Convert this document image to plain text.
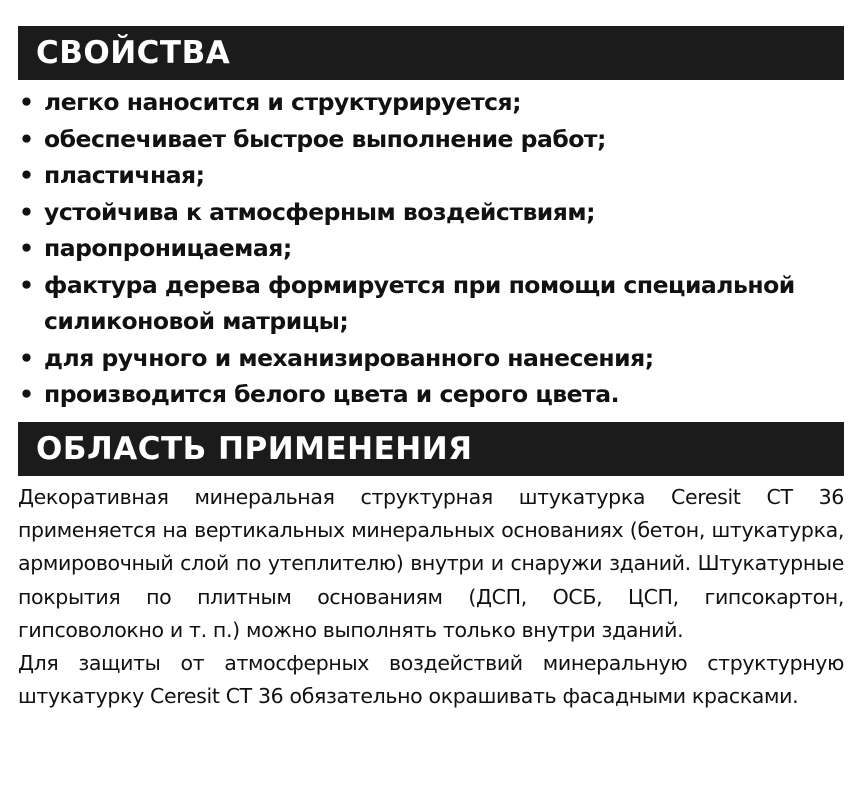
СВОЙСТВА
• легко наносится и структурируется;
• обеспечивает быстрое выполнение работ;
• пластичная;
• устойчива к атмосферным воздействиям;
• паропроницаемая;
• фактура дерева формируется при помощи специальной силиконовой матрицы;
• для ручного и механизированного нанесения;
• производится белого цвета и серого цвета.
ОБЛАСТЬ ПРИМЕНЕНИЯ

Декоративная минеральная структурная штукатурка Ceresit CT 36 применяется на вертикальных минеральных основаниях (бетон, штукатурка, армировочный слой по утеплителю) внутри и снаружи зданий. Штукатурные покрытия по плитным основаниям (ДСП, ОСБ, ЦСП, гипсокартон, гипсоволокно и т. п.) можно выполнять только внутри зданий.

Для защиты от атмосферных воздействий минеральную структурную штукатурку Ceresit CT 36 обязательно окрашивать фасадными красками.
